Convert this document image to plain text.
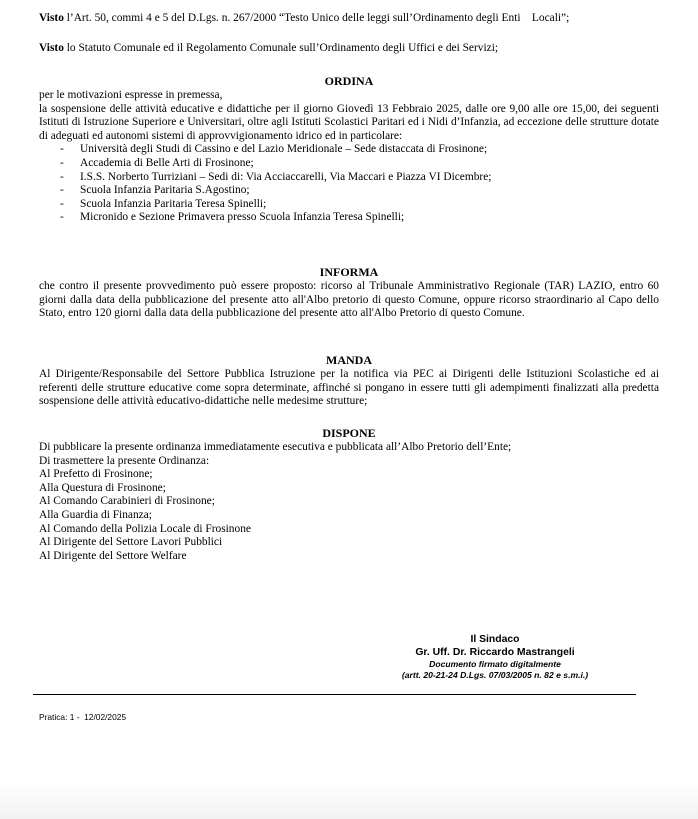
Visto l’Art. 50, commi 4 e 5 del D.Lgs. n. 267/2000 “Testo Unico delle leggi sull’Ordinamento degli Enti    Locali”;
Visto lo Statuto Comunale ed il Regolamento Comunale sull’Ordinamento degli Uffici e dei Servizi;
ORDINA

per le motivazioni espresse in premessa,

la sospensione delle attività educative e didattiche per il giorno Giovedì 13 Febbraio 2025, dalle ore 9,00 alle ore 15,00, dei seguenti Istituti di Istruzione Superiore e Universitari, oltre agli Istituti Scolastici Paritari ed i Nidi d’Infanzia, ad eccezione delle strutture dotate di adeguati ed autonomi sistemi di approvvigionamento idrico ed in particolare:

- Università degli Studi di Cassino e del Lazio Meridionale – Sede distaccata di Frosinone;
- Accademia di Belle Arti di Frosinone;
- I.S.S. Norberto Turriziani – Sedi di: Via Acciaccarelli, Via Maccari e Piazza VI Dicembre;
- Scuola Infanzia Paritaria S.Agostino;
- Scuola Infanzia Paritaria Teresa Spinelli;
- Micronido e Sezione Primavera presso Scuola Infanzia Teresa Spinelli;
INFORMA

che contro il presente provvedimento può essere proposto: ricorso al Tribunale Amministrativo Regionale (TAR) LAZIO, entro 60 giorni dalla data della pubblicazione del presente atto all'Albo pretorio di questo Comune, oppure ricorso straordinario al Capo dello Stato, entro 120 giorni dalla data della pubblicazione del presente atto all'Albo Pretorio di questo Comune.

MANDA

Al Dirigente/Responsabile del Settore Pubblica Istruzione per la notifica via PEC ai Dirigenti delle Istituzioni Scolastiche ed ai referenti delle strutture educative come sopra determinate, affinché si pongano in essere tutti gli adempimenti finalizzati alla predetta sospensione delle attività educativo-didattiche nelle medesime strutture;

DISPONE

Di pubblicare la presente ordinanza immediatamente esecutiva e pubblicata all’Albo Pretorio dell’Ente;

Di trasmettere la presente Ordinanza:

Al Prefetto di Frosinone;

Alla Questura di Frosinone;

Al Comando Carabinieri di Frosinone;

Alla Guardia di Finanza;

Al Comando della Polizia Locale di Frosinone

Al Dirigente del Settore Lavori Pubblici

Al Dirigente del Settore Welfare

Il Sindaco
Gr. Uff. Dr. Riccardo Mastrangeli
Documento firmato digitalmente
(artt. 20-21-24 D.Lgs. 07/03/2005 n. 82 e s.m.i.)
Pratica: 1 -  12/02/2025
